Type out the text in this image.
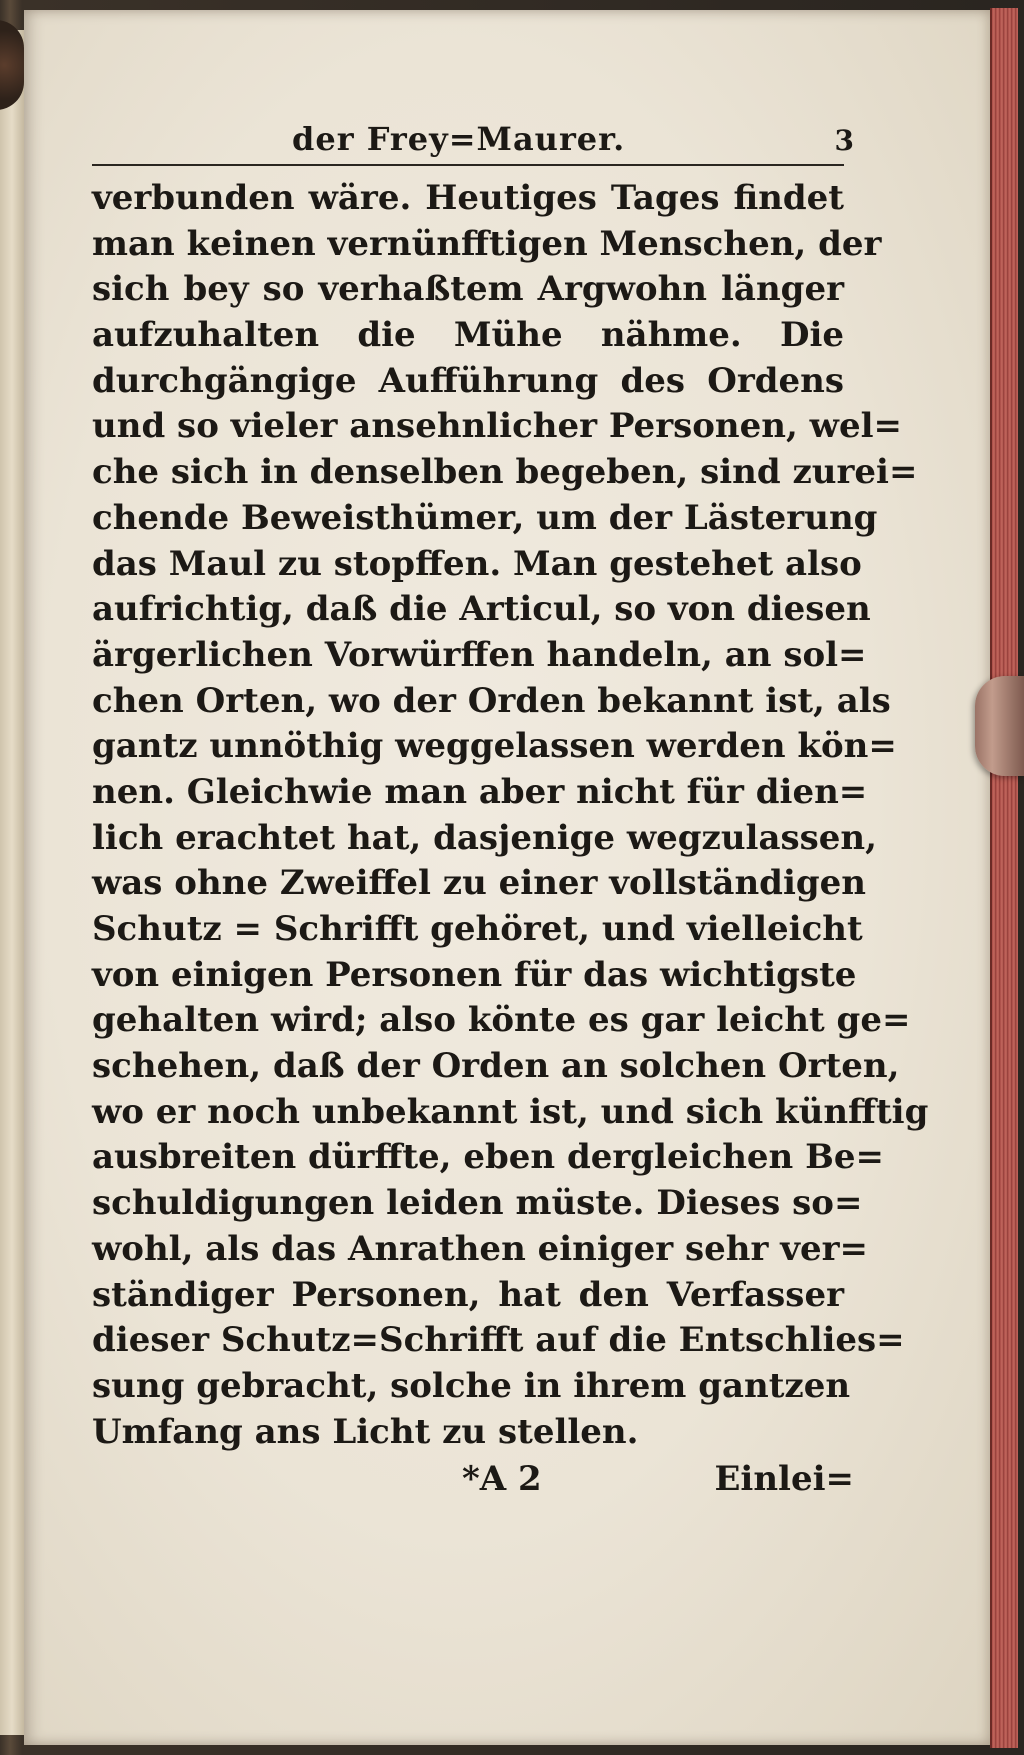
der Frey=Maurer.	3
verbunden wäre. Heutiges Tages findet
man keinen vernünfftigen Menschen, der
sich bey so verhaßtem Argwohn länger
aufzuhalten die Mühe nähme. Die
durchgängige Aufführung des Ordens
und so vieler ansehnlicher Personen, wel=
che sich in denselben begeben, sind zurei=
chende Beweisthümer, um der Lästerung
das Maul zu stopffen. Man gestehet also
aufrichtig, daß die Articul, so von diesen
ärgerlichen Vorwürffen handeln, an sol=
chen Orten, wo der Orden bekannt ist, als
gantz unnöthig weggelassen werden kön=
nen. Gleichwie man aber nicht für dien=
lich erachtet hat, dasjenige wegzulassen,
was ohne Zweiffel zu einer vollständigen
Schutz = Schrifft gehöret, und vielleicht
von einigen Personen für das wichtigste
gehalten wird; also könte es gar leicht ge=
schehen, daß der Orden an solchen Orten,
wo er noch unbekannt ist, und sich künfftig
ausbreiten dürffte, eben dergleichen Be=
schuldigungen leiden müste. Dieses so=
wohl, als das Anrathen einiger sehr ver=
ständiger Personen, hat den Verfasser
dieser Schutz=Schrifft auf die Entschlies=
sung gebracht, solche in ihrem gantzen
Umfang ans Licht zu stellen.
*A 2	Einlei=
